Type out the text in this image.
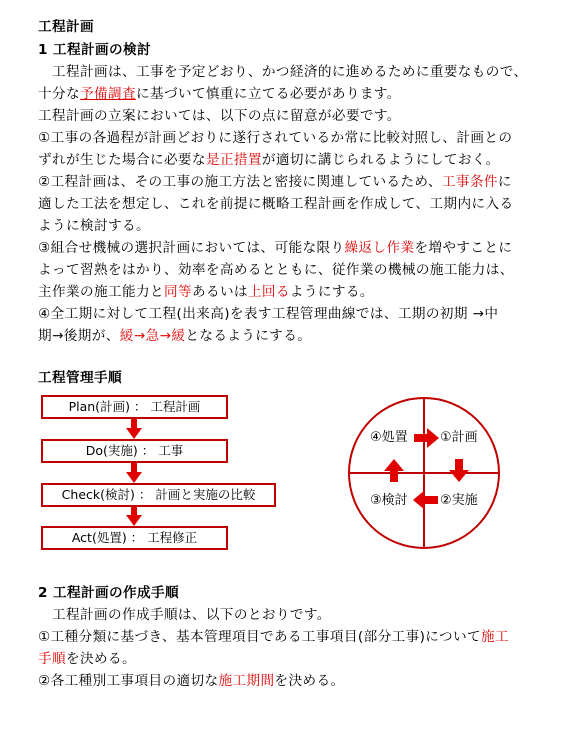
工程計画
1 工程計画の検討
　工程計画は、工事を予定どおり、かつ経済的に進めるために重要なもので、
十分な予備調査に基づいて慎重に立てる必要があります。
工程計画の立案においては、以下の点に留意が必要です。
①工事の各過程が計画どおりに遂行されているか常に比較対照し、計画との
ずれが生じた場合に必要な是正措置が適切に講じられるようにしておく。
②工程計画は、その工事の施工方法と密接に関連しているため、工事条件に
適した工法を想定し、これを前提に概略工程計画を作成して、工期内に入る
ように検討する。
③組合せ機械の選択計画においては、可能な限り繰返し作業を増やすことに
よって習熟をはかり、効率を高めるとともに、従作業の機械の施工能力は、
主作業の施工能力と同等あるいは上回るようにする。
④全工期に対して工程(出来高)を表す工程管理曲線では、工期の初期 →中
期→後期が、緩→急→緩となるようにする。
工程管理手順
Plan(計画) ： 工程計画
Do(実施) ： 工事
Check(検討) ： 計画と実施の比較
Act(処置) ： 工程修正
④処置 ①計画
③検討 ②実施
2 工程計画の作成手順
　工程計画の作成手順は、以下のとおりです。
①工種分類に基づき、基本管理項目である工事項目(部分工事)について施工
手順を決める。
②各工種別工事項目の適切な施工期間を決める。
